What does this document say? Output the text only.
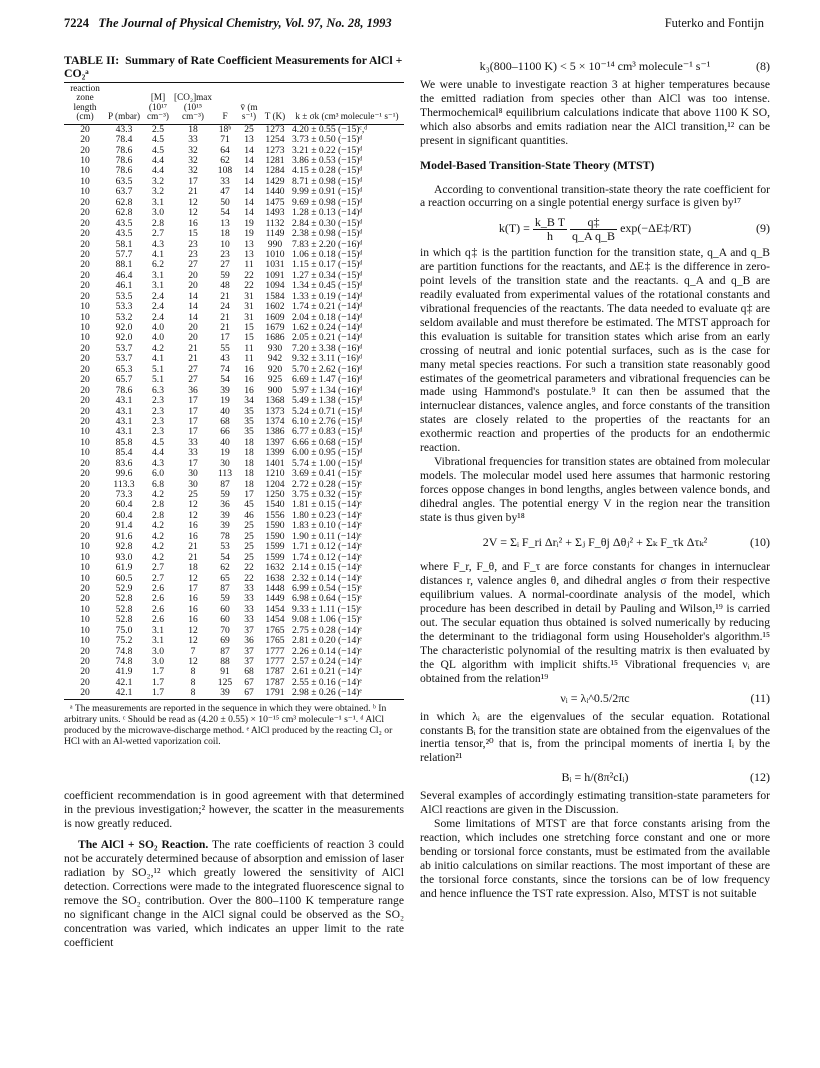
7224 The Journal of Physical Chemistry, Vol. 97, No. 28, 1993	Futerko and Fontijn
TABLE II: Summary of Rate Coefficient Measurements for AlCl + CO₂ᵃ
reaction zone length (cm)	P (mbar)	[M] (10¹⁷ cm⁻³)	[CO₂]max (10¹⁵ cm⁻³)	F	v̄ (m s⁻¹)	T (K)	k ± σk (cm³ molecule⁻¹ s⁻¹)
20	43.3	2.5	18	18ᵇ	25	1273	4.20 ± 0.55 (−15)ᶜ,ᵈ
20	78.4	4.5	33	71	13	1254	3.73 ± 0.50 (−15)ᵈ
20	78.6	4.5	32	64	14	1273	3.21 ± 0.22 (−15)ᵈ
10	78.6	4.4	32	62	14	1281	3.86 ± 0.53 (−15)ᵈ
10	78.6	4.4	32	108	14	1284	4.15 ± 0.28 (−15)ᵈ
10	63.5	3.2	17	33	14	1429	8.71 ± 0.98 (−15)ᵈ
10	63.7	3.2	21	47	14	1440	9.99 ± 0.91 (−15)ᵈ
20	62.8	3.1	12	50	14	1475	9.69 ± 0.98 (−15)ᵈ
20	62.8	3.0	12	54	14	1493	1.28 ± 0.13 (−14)ᵈ
20	43.5	2.8	16	13	19	1132	2.84 ± 0.30 (−15)ᵈ
20	43.5	2.7	15	18	19	1149	2.38 ± 0.98 (−15)ᵈ
20	58.1	4.3	23	10	13	990	7.83 ± 2.20 (−16)ᵈ
20	57.7	4.1	23	23	13	1010	1.06 ± 0.18 (−15)ᵈ
20	88.1	6.2	27	27	11	1031	1.15 ± 0.17 (−15)ᵈ
20	46.4	3.1	20	59	22	1091	1.27 ± 0.34 (−15)ᵈ
20	46.1	3.1	20	48	22	1094	1.34 ± 0.45 (−15)ᵈ
20	53.5	2.4	14	21	31	1584	1.33 ± 0.19 (−14)ᵈ
10	53.3	2.4	14	24	31	1602	1.74 ± 0.21 (−14)ᵈ
10	53.2	2.4	14	21	31	1609	2.04 ± 0.18 (−14)ᵈ
10	92.0	4.0	20	21	15	1679	1.62 ± 0.24 (−14)ᵈ
10	92.0	4.0	20	17	15	1686	2.05 ± 0.21 (−14)ᵈ
20	53.7	4.2	21	55	11	930	7.20 ± 3.38 (−16)ᵈ
20	53.7	4.1	21	43	11	942	9.32 ± 3.11 (−16)ᵈ
20	65.3	5.1	27	74	16	920	5.70 ± 2.62 (−16)ᵈ
20	65.7	5.1	27	54	16	925	6.69 ± 1.47 (−16)ᵈ
20	78.6	6.3	36	39	16	900	5.97 ± 1.34 (−16)ᵈ
20	43.1	2.3	17	19	34	1368	5.49 ± 1.38 (−15)ᵈ
20	43.1	2.3	17	40	35	1373	5.24 ± 0.71 (−15)ᵈ
20	43.1	2.3	17	68	35	1374	6.10 ± 2.76 (−15)ᵈ
10	43.1	2.3	17	66	35	1386	6.77 ± 0.83 (−15)ᵈ
10	85.8	4.5	33	40	18	1397	6.66 ± 0.68 (−15)ᵈ
10	85.4	4.4	33	19	18	1399	6.00 ± 0.95 (−15)ᵈ
20	83.6	4.3	17	30	18	1401	5.74 ± 1.00 (−15)ᵈ
20	99.6	6.0	30	113	18	1210	3.69 ± 0.41 (−15)ᵉ
20	113.3	6.8	30	87	18	1204	2.72 ± 0.28 (−15)ᵉ
20	73.3	4.2	25	59	17	1250	3.75 ± 0.32 (−15)ᵉ
20	60.4	2.8	12	36	45	1540	1.81 ± 0.15 (−14)ᵉ
20	60.4	2.8	12	39	46	1556	1.80 ± 0.23 (−14)ᵉ
20	91.4	4.2	16	39	25	1590	1.83 ± 0.10 (−14)ᵉ
20	91.6	4.2	16	78	25	1590	1.90 ± 0.11 (−14)ᵉ
10	92.8	4.2	21	53	25	1599	1.71 ± 0.12 (−14)ᵉ
10	93.0	4.2	21	54	25	1599	1.74 ± 0.12 (−14)ᵉ
10	61.9	2.7	18	62	22	1632	2.14 ± 0.15 (−14)ᵉ
10	60.5	2.7	12	65	22	1638	2.32 ± 0.14 (−14)ᵉ
20	52.9	2.6	17	87	33	1448	6.99 ± 0.54 (−15)ᵉ
20	52.8	2.6	16	59	33	1449	6.98 ± 0.64 (−15)ᵉ
10	52.8	2.6	16	60	33	1454	9.33 ± 1.11 (−15)ᵉ
10	52.8	2.6	16	60	33	1454	9.08 ± 1.06 (−15)ᵉ
10	75.0	3.1	12	70	37	1765	2.75 ± 0.28 (−14)ᵉ
10	75.2	3.1	12	69	36	1765	2.81 ± 0.20 (−14)ᵉ
20	74.8	3.0	7	87	37	1777	2.26 ± 0.14 (−14)ᵉ
20	74.8	3.0	12	88	37	1777	2.57 ± 0.24 (−14)ᵉ
20	41.9	1.7	8	91	68	1787	2.61 ± 0.21 (−14)ᵉ
20	42.1	1.7	8	125	67	1787	2.55 ± 0.16 (−14)ᵉ
20	42.1	1.7	8	39	67	1791	2.98 ± 0.26 (−14)ᵉ
ᵃ The measurements are reported in the sequence in which they were obtained. ᵇ In arbitrary units. ᶜ Should be read as (4.20 ± 0.55) × 10⁻¹⁵ cm³ molecule⁻¹ s⁻¹. ᵈ AlCl produced by the microwave-discharge method. ᵉ AlCl produced by the reacting Cl₂ or HCl with an Al-wetted vaporization coil.

coefficient recommendation is in good agreement with that determined in the previous investigation;² however, the scatter in the measurements is now greatly reduced.

The AlCl + SO₂ Reaction. The rate coefficients of reaction 3 could not be accurately determined because of absorption and emission of laser radiation by SO₂,¹² which greatly lowered the sensitivity of AlCl detection. Corrections were made to the integrated fluorescence signal to remove the SO₂ contribution. Over the 800–1100 K temperature range no significant change in the AlCl signal could be observed as the SO₂ concentration was varied, which indicates an upper limit to the rate coefficient

k₃(800–1100 K) < 5 × 10⁻¹⁴ cm³ molecule⁻¹ s⁻¹	(8)

We were unable to investigate reaction 3 at higher temperatures because the emitted radiation from species other than AlCl was too intense. Thermochemical⁸ equilibrium calculations indicate that above 1100 K SO, which also absorbs and emits radiation near the AlCl transition,¹² can be present in significant quantities.

Model-Based Transition-State Theory (MTST)

According to conventional transition-state theory the rate coefficient for a reaction occurring on a single potential energy surface is given by¹⁷

$k(T) = \frac{\text{k\_B T}}{h}$
$\frac{q\ddagger}{\text{q\_A q\_B}}$ exp(−ΔE‡/RT)	(9)

in which q‡ is the partition function for the transition state, q_A and q_B are partition functions for the reactants, and ΔE‡ is the difference in zero-point levels of the transition state and the reactants. q_A and q_B are readily evaluated from experimental values of the rotational constants and vibrational frequencies of the reactants. The data needed to evaluate q‡ are seldom available and must therefore be estimated. The MTST approach for this evaluation is suitable for transition states which arise from an early crossing of neutral and ionic potential surfaces, such as is the case for many metal species reactions. For such a transition state reasonably good estimates of the geometrical parameters and vibrational frequencies can be made using Hammond's postulate.⁹ It can then be assumed that the internuclear distances, valence angles, and force constants of the transition states are closely related to the properties of the reactants for an exothermic reaction and properties of the products for an endothermic reaction.

Vibrational frequencies for transition states are obtained from molecular models. The molecular model used here assumes that harmonic restoring forces oppose changes in bond lengths, angles between valence bonds, and dihedral angles. The potential energy V in the region near the transition state is thus given by¹⁸

2V = Σᵢ F_ri Δrᵢ² + Σⱼ F_θj Δθⱼ² + Σₖ F_τk Δτₖ²	(10)

where F_r, F_θ, and F_τ are force constants for changes in internuclear distances r, valence angles θ, and dihedral angles σ from their respective equilibrium values. A normal-coordinate analysis of the model, which procedure has been described in detail by Pauling and Wilson,¹⁹ is carried out. The secular equation thus obtained is solved numerically by reducing the determinant to the tridiagonal form using Householder's algorithm.¹⁵ The characteristic polynomial of the resulting matrix is then evaluated by the QL algorithm with implicit shifts.¹⁵ Vibrational frequencies νᵢ are obtained from the relation¹⁹

νᵢ = λᵢ^0.5/2πc	(11)

in which λᵢ are the eigenvalues of the secular equation. Rotational constants Bᵢ for the transition state are obtained from the eigenvalues of the inertia tensor,²⁰ that is, from the principal moments of inertia Iᵢ by the relation²¹

Bᵢ = h/(8π²cIᵢ)	(12)

Several examples of accordingly estimating transition-state parameters for AlCl reactions are given in the Discussion.

Some limitations of MTST are that force constants arising from the reaction, which includes one stretching force constant and one or more bending or torsional force constants, must be estimated from the available ab initio calculations on similar reactions. The most important of these are the torsional force constants, since the torsions can be of low frequency and hence influence the TST rate expression. Also, MTST is not suitable
